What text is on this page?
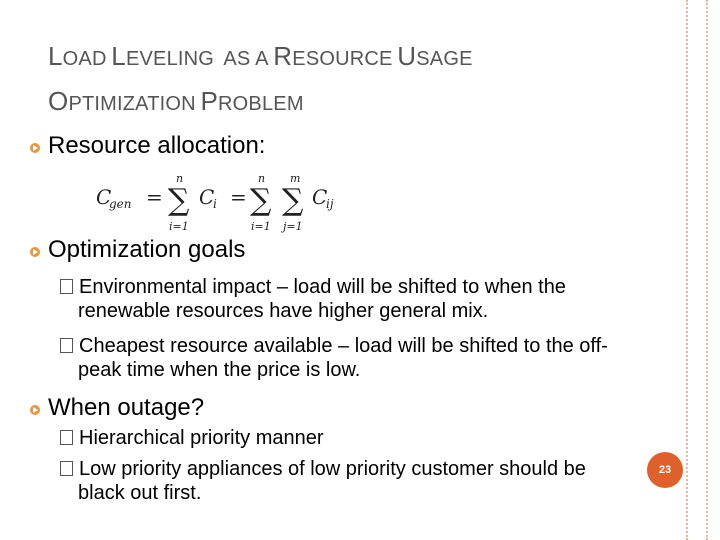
LOAD LEVELING AS A RESOURCE USAGE
OPTIMIZATION PROBLEM
Resource allocation:
C
gen =
n
∑
i=1
C
i =
n
∑
i=1
m
∑
j=1
C
ij
Optimization goals
Environmental impact – load will be shifted to when the
renewable resources have higher general mix.
Cheapest resource available – load will be shifted to the off-
peak time when the price is low.
When outage?
Hierarchical priority manner
Low priority appliances of low priority customer should be
black out first.
23
